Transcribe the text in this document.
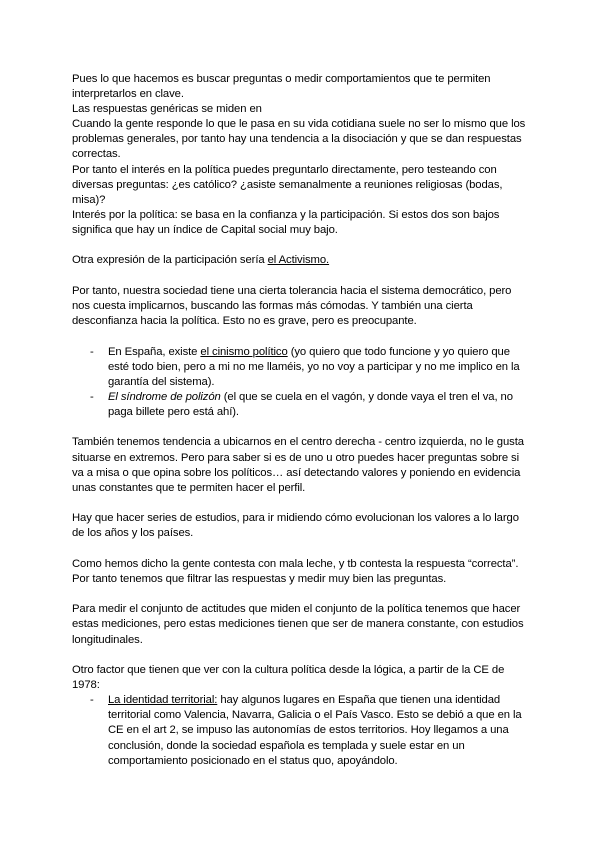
Pues lo que hacemos es buscar preguntas o medir comportamientos que te permiten interpretarlos en clave.

Las respuestas genéricas se miden en

Cuando la gente responde lo que le pasa en su vida cotidiana suele no ser lo mismo que los problemas generales, por tanto hay una tendencia a la disociación y que se dan respuestas correctas.

Por tanto el interés en la política puedes preguntarlo directamente, pero testeando con diversas preguntas: ¿es católico? ¿asiste semanalmente a reuniones religiosas (bodas, misa)?

Interés por la política: se basa en la confianza y la participación. Si estos dos son bajos significa que hay un índice de Capital social muy bajo.

Otra expresión de la participación sería el Activismo.

Por tanto, nuestra sociedad tiene una cierta tolerancia hacia el sistema democrático, pero nos cuesta implicarnos, buscando las formas más cómodas. Y también una cierta desconfianza hacia la política. Esto no es grave, pero es preocupante.

- En España, existe el cinismo político (yo quiero que todo funcione y yo quiero que esté todo bien, pero a mi no me llaméis, yo no voy a participar y no me implico en la garantía del sistema).
- El síndrome de polizón (el que se cuela en el vagón, y donde vaya el tren el va, no paga billete pero está ahí).

También tenemos tendencia a ubicarnos en el centro derecha - centro izquierda, no le gusta situarse en extremos. Pero para saber si es de uno u otro puedes hacer preguntas sobre si va a misa o que opina sobre los políticos… así detectando valores y poniendo en evidencia unas constantes que te permiten hacer el perfil.

Hay que hacer series de estudios, para ir midiendo cómo evolucionan los valores a lo largo de los años y los países.

Como hemos dicho la gente contesta con mala leche, y tb contesta la respuesta “correcta”. Por tanto tenemos que filtrar las respuestas y medir muy bien las preguntas.

Para medir el conjunto de actitudes que miden el conjunto de la política tenemos que hacer estas mediciones, pero estas mediciones tienen que ser de manera constante, con estudios longitudinales.

Otro factor que tienen que ver con la cultura política desde la lógica, a partir de la CE de 1978:

- La identidad territorial: hay algunos lugares en España que tienen una identidad territorial como Valencia, Navarra, Galicia o el País Vasco. Esto se debió a que en la CE en el art 2, se impuso las autonomías de estos territorios. Hoy llegamos a una conclusión, donde la sociedad española es templada y suele estar en un comportamiento posicionado en el status quo, apoyándolo.
